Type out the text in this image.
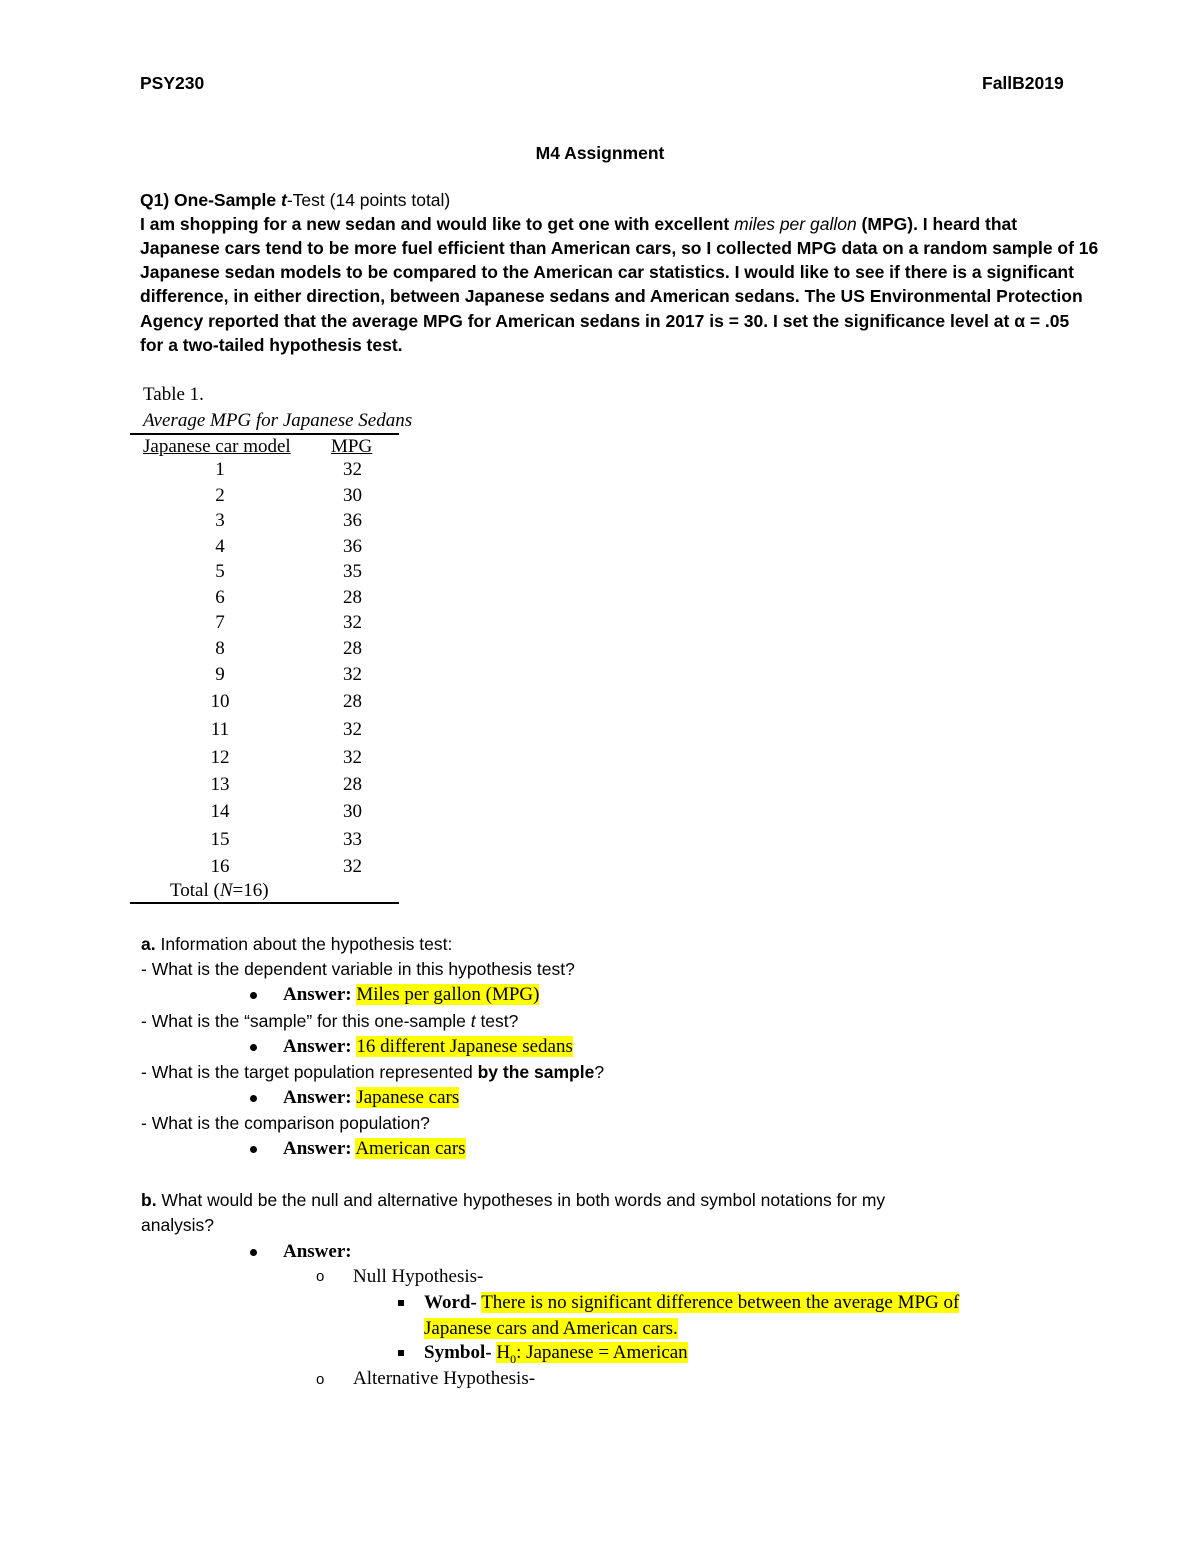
PSY230	FallB2019
M4 Assignment
Q1) One-Sample t-Test (14 points total)
I am shopping for a new sedan and would like to get one with excellent miles per gallon (MPG). I heard that
Japanese cars tend to be more fuel efficient than American cars, so I collected MPG data on a random sample of 16
Japanese sedan models to be compared to the American car statistics. I would like to see if there is a significant
difference, in either direction, between Japanese sedans and American sedans. The US Environmental Protection
Agency reported that the average MPG for American sedans in 2017 is = 30. I set the significance level at α = .05
for a two-tailed hypothesis test.
Table 1.
Average MPG for Japanese Sedans
Japanese car model MPG
1	32
2	30
3	36
4	36
5	35
6	28
7	32
8	28
9	32
10	28
11	32
12	32
13	28
14	30
15	33
16	32
Total (N=16)
a. Information about the hypothesis test:
- What is the dependent variable in this hypothesis test?
Answer: Miles per gallon (MPG)
- What is the “sample” for this one-sample t test?
Answer: 16 different Japanese sedans
- What is the target population represented by the sample?
Answer: Japanese cars
- What is the comparison population?
Answer: American cars
b. What would be the null and alternative hypotheses in both words and symbol notations for my
analysis?
Answer:
o Null Hypothesis-
Word- There is no significant difference between the average MPG of
Japanese cars and American cars.
Symbol- $H_0$: Japanese = American
o Alternative Hypothesis-
